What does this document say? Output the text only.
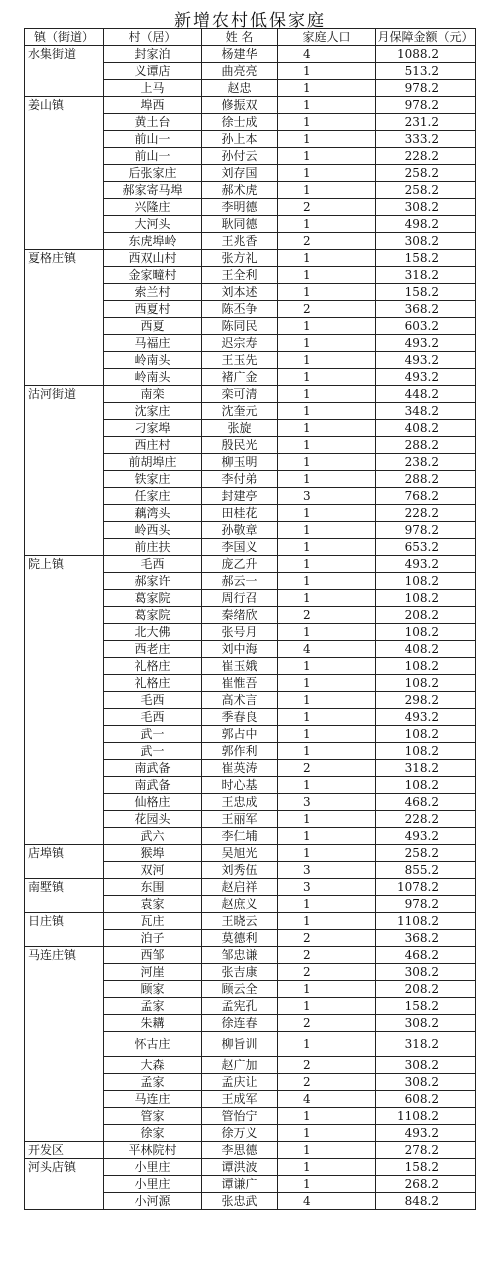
新增农村低保家庭
镇（街道）	村（居）	姓 名	家庭人口	月保障金额（元）
水集街道	封家泊	杨建华	4	1088.2
	义谭店	曲亮亮	1	513.2
	上马	赵忠	1	978.2
姜山镇	埠西	修振双	1	978.2
	黄土台	徐士成	1	231.2
	前山一	孙上本	1	333.2
	前山一	孙付云	1	228.2
	后张家庄	刘存国	1	258.2
	郝家寄马埠	郝术虎	1	258.2
	兴隆庄	李明德	2	308.2
	大河头	耿同德	1	498.2
	东虎埠岭	王兆香	2	308.2
夏格庄镇	西双山村	张方礼	1	158.2
	金家疃村	王全利	1	318.2
	索兰村	刘本述	1	158.2
	西夏村	陈丕争	2	368.2
	西夏	陈同民	1	603.2
	马福庄	迟宗寿	1	493.2
	岭南头	王玉先	1	493.2
	岭南头	褚广金	1	493.2
沽河街道	南栾	栾可清	1	448.2
	沈家庄	沈奎元	1	348.2
	刁家埠	张旋	1	408.2
	西庄村	殷民光	1	288.2
	前胡埠庄	柳玉明	1	238.2
	铁家庄	李付弟	1	288.2
	任家庄	封建亭	3	768.2
	藕湾头	田桂花	1	228.2
	岭西头	孙敬章	1	978.2
	前庄扶	李国义	1	653.2
院上镇	毛西	庞乙升	1	493.2
	郝家许	郝云一	1	108.2
	葛家院	周行召	1	108.2
	葛家院	秦绪欣	2	208.2
	北大佛	张号月	1	108.2
	西老庄	刘中海	4	408.2
	礼格庄	崔玉娥	1	108.2
	礼格庄	崔惟吾	1	108.2
	毛西	高术言	1	298.2
	毛西	季春良	1	493.2
	武一	郭占中	1	108.2
	武一	郭作利	1	108.2
	南武备	崔英涛	2	318.2
	南武备	时心基	1	108.2
	仙格庄	王忠成	3	468.2
	花园头	王丽军	1	228.2
	武六	李仁埔	1	493.2
店埠镇	猴埠	吴旭光	1	258.2
	双河	刘秀伍	3	855.2
南墅镇	东围	赵启祥	3	1078.2
	袁家	赵庶义	1	978.2
日庄镇	瓦庄	王晓云	1	1108.2
	泊子	莫德利	2	368.2
马连庄镇	西邹	邹忠谦	2	468.2
	河崖	张吉康	2	308.2
	顾家	顾云全	1	208.2
	孟家	孟宪孔	1	158.2
	朱耩	徐连春	2	308.2
	怀古庄	柳旨训	1	318.2
	大森	赵广加	2	308.2
	孟家	孟庆让	2	308.2
	马连庄	王成军	4	608.2
	管家	管怡宁	1	1108.2
	徐家	徐万义	1	493.2
开发区	平林院村	李思德	1	278.2
河头店镇	小里庄	谭洪波	1	158.2
	小里庄	谭谦广	1	268.2
	小河源	张忠武	4	848.2
